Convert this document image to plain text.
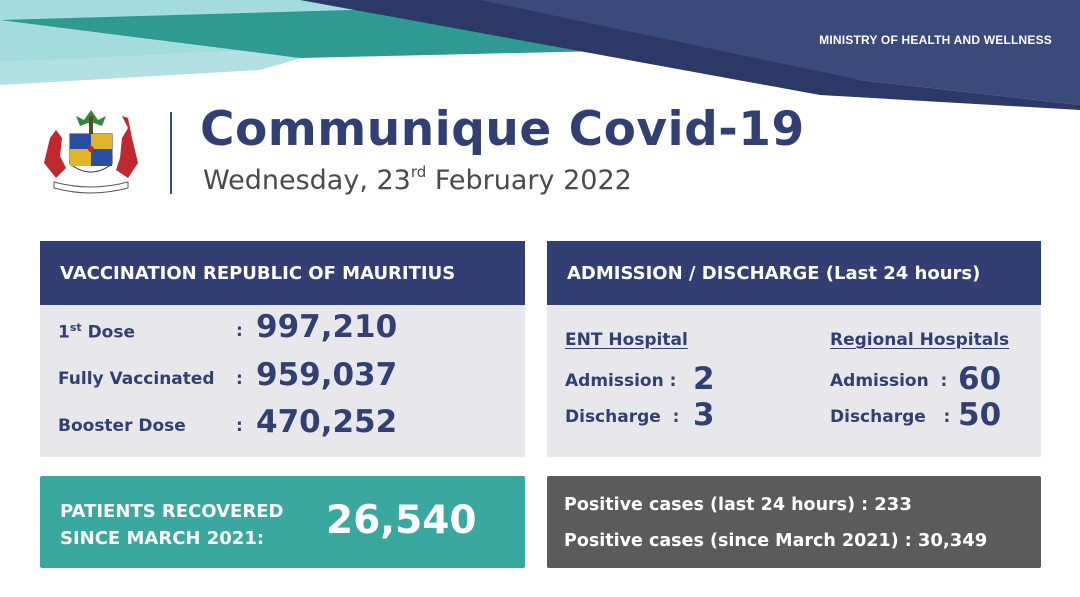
MINISTRY OF HEALTH AND WELLNESS
Communique Covid-19
Wednesday, 23rd February 2022
VACCINATION REPUBLIC OF MAURITIUS
1st Dose	: 997,210
Fully Vaccinated : 959,037
Booster Dose	: 470,252
ADMISSION / DISCHARGE (Last 24 hours)
ENT Hospital
Admission : 2
Discharge  : 3
Regional Hospitals
Admission  : 60
Discharge   : 50
PATIENTS RECOVERED
SINCE MARCH 2021:	26,540	Positive cases (last 24 hours) : 233
Positive cases (since March 2021) : 30,349
